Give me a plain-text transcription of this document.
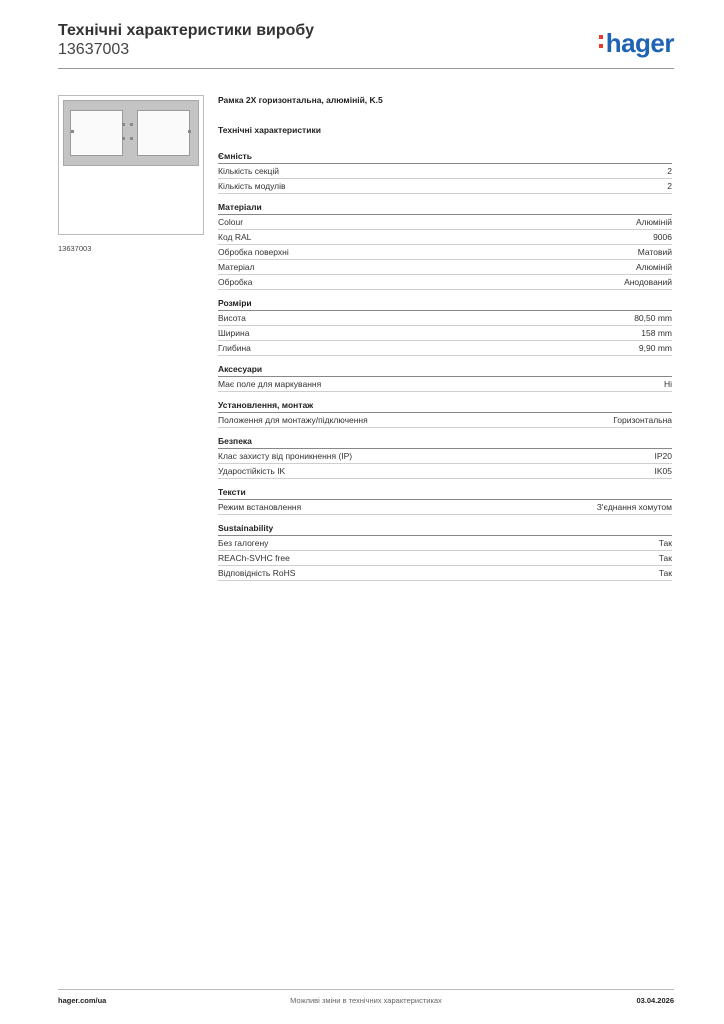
Технічні характеристики виробу
13637003	hager
13637003
Рамка 2X горизонтальна, алюміній, K.5
Технічні характеристики
Ємність
Кількість секцій	2
Кількість модулів	2
Матеріали
Colour	Алюміній
Код RAL	9006
Обробка поверхні	Матовий
Матеріал	Алюміній
Обробка	Анодований
Розміри
Висота	80,50 mm
Ширина	158 mm
Глибина	9,90 mm
Аксесуари
Має поле для маркування	Ні
Установлення, монтаж
Положення для монтажу/підключення	Горизонтальна
Безпека
Клас захисту від проникнення (IP)	IP20
Ударостійкість IK	IK05
Тексти
Режим встановлення	З'єднання хомутом
Sustainability
Без галогену	Так
REACh-SVHC free	Так
Відповідність RoHS	Так
hager.com/ua	Можливі зміни в технічних характеристиках	03.04.2026
